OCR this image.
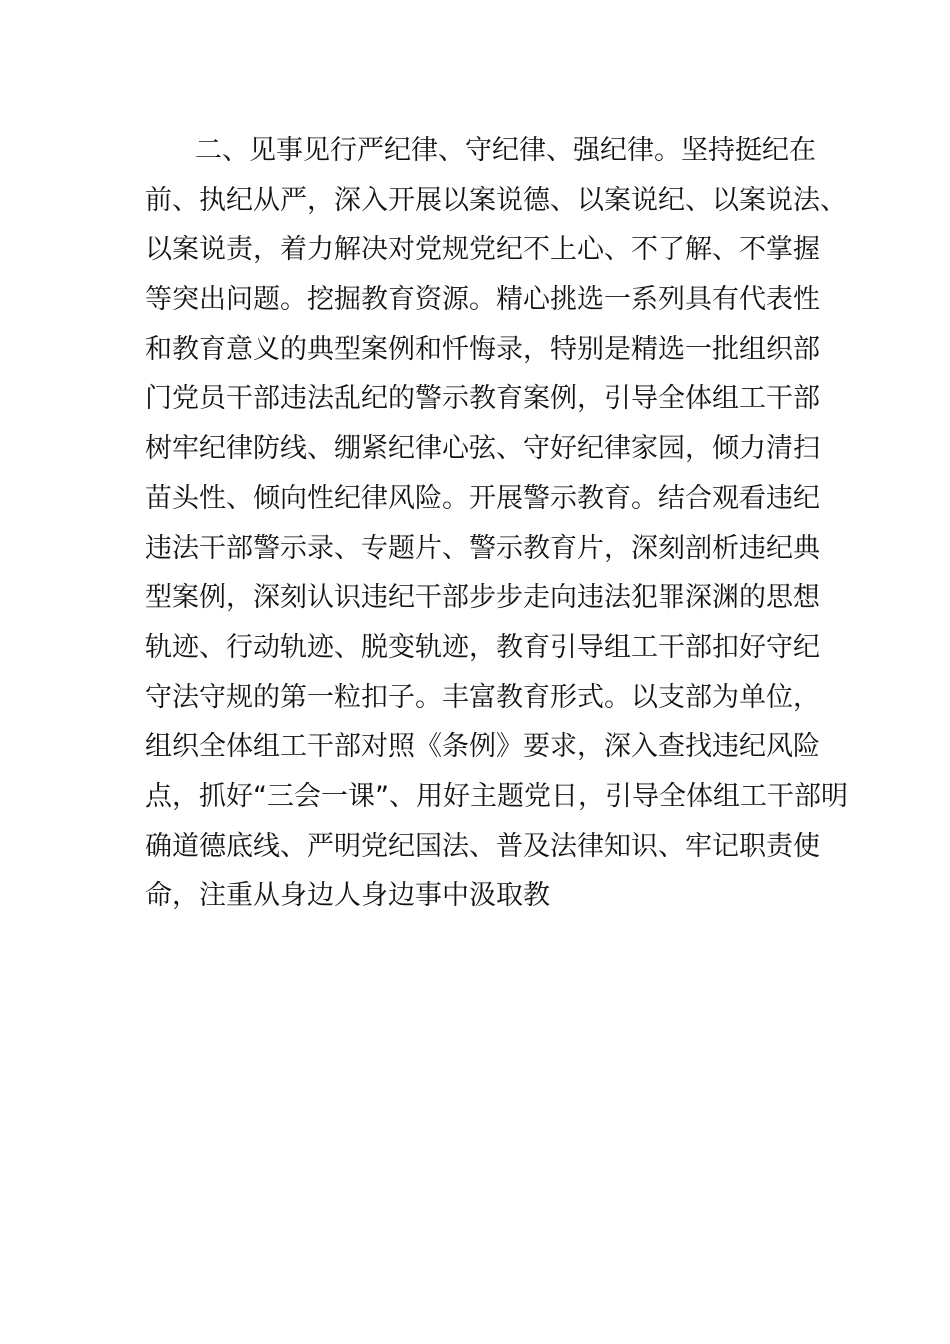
二、见事见行严纪律、守纪律、强纪律。坚持挺纪在
前、执纪从严，深入开展以案说德、以案说纪、以案说法、
以案说责，着力解决对党规党纪不上心、不了解、不掌握
等突出问题。挖掘教育资源。精心挑选一系列具有代表性
和教育意义的典型案例和忏悔录，特别是精选一批组织部
门党员干部违法乱纪的警示教育案例，引导全体组工干部
树牢纪律防线、绷紧纪律心弦、守好纪律家园，倾力清扫
苗头性、倾向性纪律风险。开展警示教育。结合观看违纪
违法干部警示录、专题片、警示教育片，深刻剖析违纪典
型案例，深刻认识违纪干部步步走向违法犯罪深渊的思想
轨迹、行动轨迹、脱变轨迹，教育引导组工干部扣好守纪
守法守规的第一粒扣子。丰富教育形式。以支部为单位，
组织全体组工干部对照《条例》要求，深入查找违纪风险
点，抓好“三会一课”、用好主题党日，引导全体组工干部明
确道德底线、严明党纪国法、普及法律知识、牢记职责使
命，注重从身边人身边事中汲取教
